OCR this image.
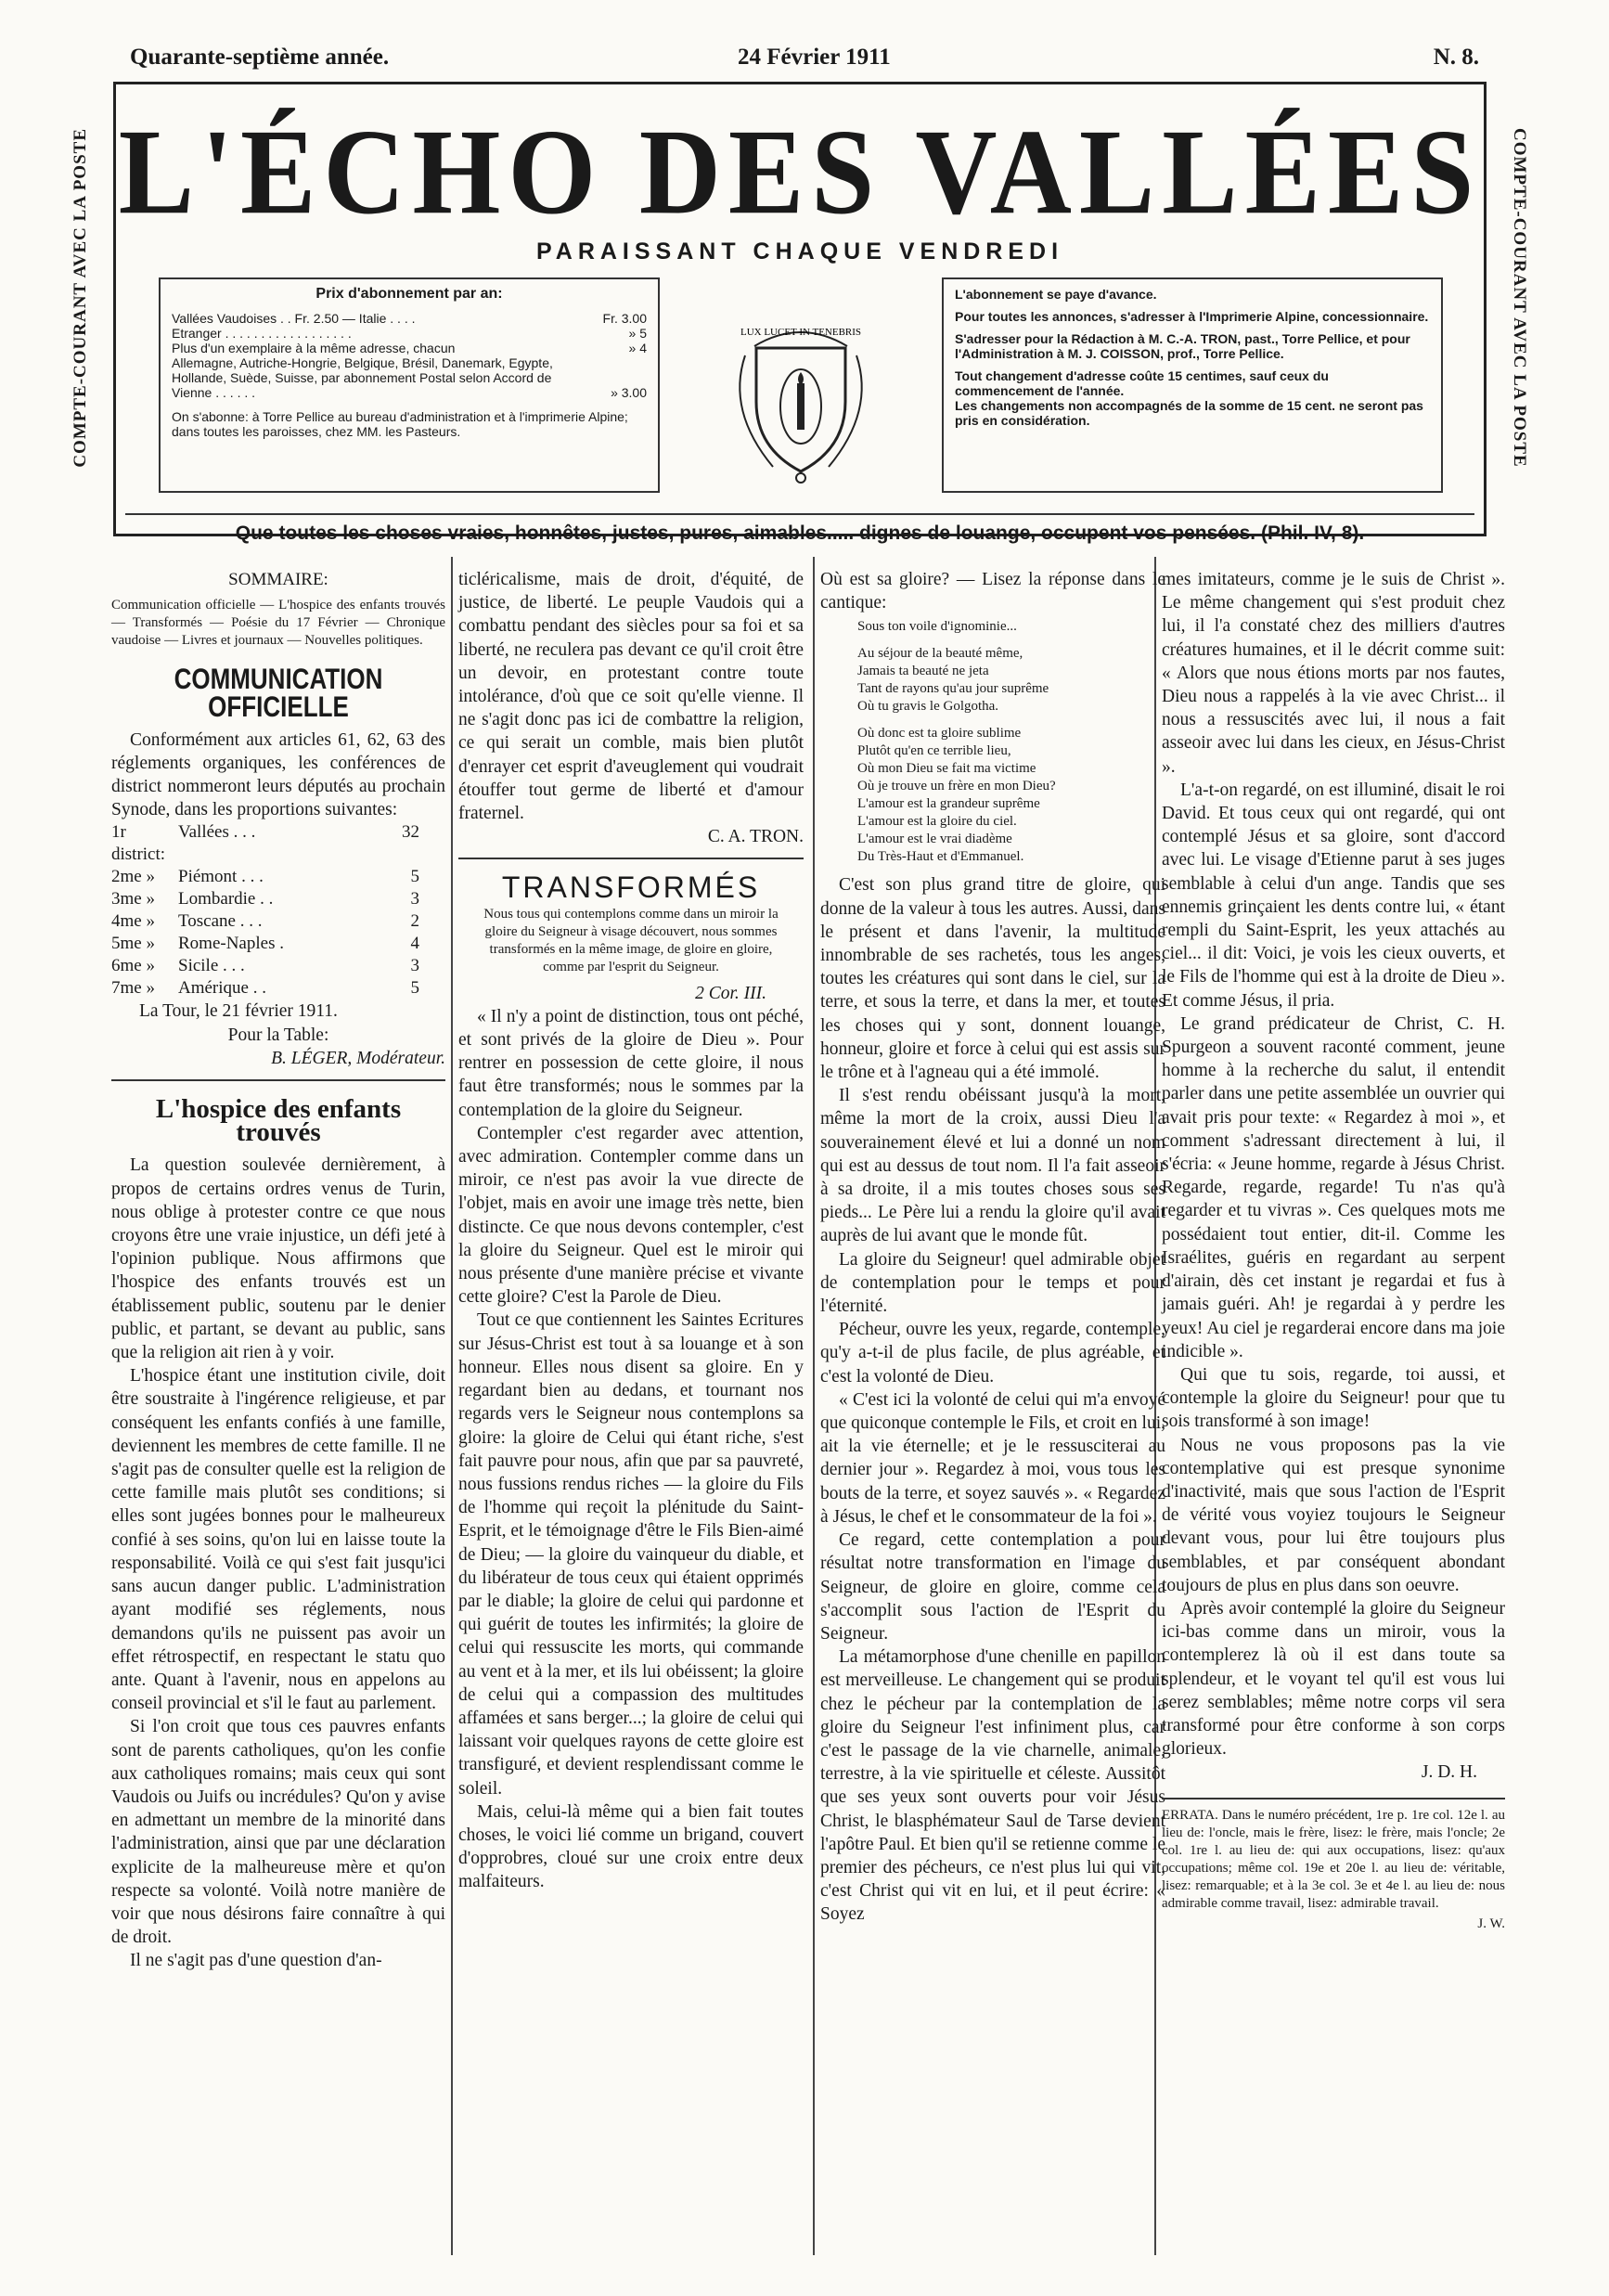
Quarante-septième année.	24 Février 1911	N. 8.
COMPTE-COURANT AVEC LA POSTE	COMPTE-COURANT AVEC LA POSTE
L'ÉCHO DES VALLÉES
PARAISSANT CHAQUE VENDREDI
Prix d'abonnement par an:
Vallées Vaudoises . . Fr. 2.50 — Italie . . . .	Fr. 3.00
Etranger . . . . . . . . . . . . . . . . . .	» 5
Plus d'un exemplaire à la même adresse, chacun	» 4
Allemagne, Autriche-Hongrie, Belgique, Brésil, Danemark, Egypte, Hollande, Suède, Suisse, par abonnement Postal selon Accord de Vienne . . . . . .	» 3.00
On s'abonne: à Torre Pellice au bureau d'administration et à l'imprimerie Alpine; dans toutes les paroisses, chez MM. les Pasteurs.
LUX LUCET IN TENEBRIS
L'abonnement se paye d'avance.
Pour toutes les annonces, s'adresser à l'Imprimerie Alpine, concessionnaire.
S'adresser pour la Rédaction à M. C.-A. TRON, past., Torre Pellice, et pour l'Administration à M. J. COISSON, prof., Torre Pellice.
Tout changement d'adresse coûte 15 centimes, sauf ceux du commencement de l'année.
Les changements non accompagnés de la somme de 15 cent. ne seront pas pris en considération.
Que toutes les choses vraies, honnêtes, justes, pures, aimables..... dignes de louange, occupent vos pensées. (Phil. IV, 8).
SOMMAIRE:
Communication officielle — L'hospice des enfants trouvés — Transformés — Poésie du 17 Février — Chronique vaudoise — Livres et journaux — Nouvelles politiques.
COMMUNICATION OFFICIELLE

Conformément aux articles 61, 62, 63 des réglements organiques, les conférences de district nommeront leurs députés au prochain Synode, dans les proportions suivantes:

1r district:
Vallées . . .	32
2me »	Piémont . . .	5
3me »	Lombardie . .	3
4me »	Toscane . . .	2
5me »	Rome-Naples .	4
6me »	Sicile . . .	3
7me »	Amérique . .	5
La Tour, le 21 février 1911.
Pour la Table:
B. LÉGER, Modérateur.
L'hospice des enfants trouvés

La question soulevée dernièrement, à propos de certains ordres venus de Turin, nous oblige à protester contre ce que nous croyons être une vraie injustice, un défi jeté à l'opinion publique. Nous affirmons que l'hospice des enfants trouvés est un établissement public, soutenu par le denier public, et partant, se devant au public, sans que la religion ait rien à y voir.

L'hospice étant une institution civile, doit être soustraite à l'ingérence religieuse, et par conséquent les enfants confiés à une famille, deviennent les membres de cette famille. Il ne s'agit pas de consulter quelle est la religion de cette famille mais plutôt ses conditions; si elles sont jugées bonnes pour le malheureux confié à ses soins, qu'on lui en laisse toute la responsabilité. Voilà ce qui s'est fait jusqu'ici sans aucun danger public. L'administration ayant modifié ses réglements, nous demandons qu'ils ne puissent pas avoir un effet rétrospectif, en respectant le statu quo ante. Quant à l'avenir, nous en appelons au conseil provincial et s'il le faut au parlement.

Si l'on croit que tous ces pauvres enfants sont de parents catholiques, qu'on les confie aux catholiques romains; mais ceux qui sont Vaudois ou Juifs ou incrédules? Qu'on y avise en admettant un membre de la minorité dans l'administration, ainsi que par une déclaration explicite de la malheureuse mère et qu'on respecte sa volonté. Voilà notre manière de voir que nous désirons faire connaître à qui de droit.

Il ne s'agit pas d'une question d'an-

ticléricalisme, mais de droit, d'équité, de justice, de liberté. Le peuple Vaudois qui a combattu pendant des siècles pour sa foi et sa liberté, ne reculera pas devant ce qu'il croit être un devoir, en protestant contre toute intolérance, d'où que ce soit qu'elle vienne. Il ne s'agit donc pas ici de combattre la religion, ce qui serait un comble, mais bien plutôt d'enrayer cet esprit d'aveuglement qui voudrait étouffer tout germe de liberté et d'amour fraternel.

C. A. TRON.
TRANSFORMÉS
Nous tous qui contemplons comme dans un miroir la gloire du Seigneur à visage découvert, nous sommes transformés en la même image, de gloire en gloire, comme par l'esprit du Seigneur.
2 Cor. III.

« Il n'y a point de distinction, tous ont péché, et sont privés de la gloire de Dieu ». Pour rentrer en possession de cette gloire, il nous faut être transformés; nous le sommes par la contemplation de la gloire du Seigneur.

Contempler c'est regarder avec attention, avec admiration. Contempler comme dans un miroir, ce n'est pas avoir la vue directe de l'objet, mais en avoir une image très nette, bien distincte. Ce que nous devons contempler, c'est la gloire du Seigneur. Quel est le miroir qui nous présente d'une manière précise et vivante cette gloire? C'est la Parole de Dieu.

Tout ce que contiennent les Saintes Ecritures sur Jésus-Christ est tout à sa louange et à son honneur. Elles nous disent sa gloire. En y regardant bien au dedans, et tournant nos regards vers le Seigneur nous contemplons sa gloire: la gloire de Celui qui étant riche, s'est fait pauvre pour nous, afin que par sa pauvreté, nous fussions rendus riches — la gloire du Fils de l'homme qui reçoit la plénitude du Saint-Esprit, et le témoignage d'être le Fils Bien-aimé de Dieu; — la gloire du vainqueur du diable, et du libérateur de tous ceux qui étaient opprimés par le diable; la gloire de celui qui pardonne et qui guérit de toutes les infirmités; la gloire de celui qui ressuscite les morts, qui commande au vent et à la mer, et ils lui obéissent; la gloire de celui qui a compassion des multitudes affamées et sans berger...; la gloire de celui qui laissant voir quelques rayons de cette gloire est transfiguré, et devient resplendissant comme le soleil.

Mais, celui-là même qui a bien fait toutes choses, le voici lié comme un brigand, couvert d'opprobres, cloué sur une croix entre deux malfaiteurs.

Où est sa gloire? — Lisez la réponse dans le cantique:

Sous ton voile d'ignominie...
Au séjour de la beauté même,
Jamais ta beauté ne jeta
Tant de rayons qu'au jour suprême
Où tu gravis le Golgotha.
Où donc est ta gloire sublime
Plutôt qu'en ce terrible lieu,
Où mon Dieu se fait ma victime
Où je trouve un frère en mon Dieu?
L'amour est la grandeur suprême
L'amour est la gloire du ciel.
L'amour est le vrai diadème
Du Très-Haut et d'Emmanuel.

C'est son plus grand titre de gloire, qui donne de la valeur à tous les autres. Aussi, dans le présent et dans l'avenir, la multitude innombrable de ses rachetés, tous les anges, toutes les créatures qui sont dans le ciel, sur la terre, et sous la terre, et dans la mer, et toutes les choses qui y sont, donnent louange, honneur, gloire et force à celui qui est assis sur le trône et à l'agneau qui a été immolé.

Il s'est rendu obéissant jusqu'à la mort, même la mort de la croix, aussi Dieu l'a souverainement élevé et lui a donné un nom qui est au dessus de tout nom. Il l'a fait asseoir à sa droite, il a mis toutes choses sous ses pieds... Le Père lui a rendu la gloire qu'il avait auprès de lui avant que le monde fût.

La gloire du Seigneur! quel admirable objet de contemplation pour le temps et pour l'éternité.

Pécheur, ouvre les yeux, regarde, contemple, qu'y a-t-il de plus facile, de plus agréable, et c'est la volonté de Dieu.

« C'est ici la volonté de celui qui m'a envoyé que quiconque contemple le Fils, et croit en lui, ait la vie éternelle; et je le ressusciterai au dernier jour ». Regardez à moi, vous tous les bouts de la terre, et soyez sauvés ». « Regardez à Jésus, le chef et le consommateur de la foi ».

Ce regard, cette contemplation a pour résultat notre transformation en l'image du Seigneur, de gloire en gloire, comme cela s'accomplit sous l'action de l'Esprit du Seigneur.

La métamorphose d'une chenille en papillon est merveilleuse. Le changement qui se produit chez le pécheur par la contemplation de la gloire du Seigneur l'est infiniment plus, car c'est le passage de la vie charnelle, animale, terrestre, à la vie spirituelle et céleste. Aussitôt que ses yeux sont ouverts pour voir Jésus Christ, le blasphémateur Saul de Tarse devient l'apôtre Paul. Et bien qu'il se retienne comme le premier des pécheurs, ce n'est plus lui qui vit, c'est Christ qui vit en lui, et il peut écrire: « Soyez

mes imitateurs, comme je le suis de Christ ». Le même changement qui s'est produit chez lui, il l'a constaté chez des milliers d'autres créatures humaines, et il le décrit comme suit: « Alors que nous étions morts par nos fautes, Dieu nous a rappelés à la vie avec Christ... il nous a ressuscités avec lui, il nous a fait asseoir avec lui dans les cieux, en Jésus-Christ ».

L'a-t-on regardé, on est illuminé, disait le roi David. Et tous ceux qui ont regardé, qui ont contemplé Jésus et sa gloire, sont d'accord avec lui. Le visage d'Etienne parut à ses juges semblable à celui d'un ange. Tandis que ses ennemis grinçaient les dents contre lui, « étant rempli du Saint-Esprit, les yeux attachés au ciel... il dit: Voici, je vois les cieux ouverts, et le Fils de l'homme qui est à la droite de Dieu ». Et comme Jésus, il pria.

Le grand prédicateur de Christ, C. H. Spurgeon a souvent raconté comment, jeune homme à la recherche du salut, il entendit parler dans une petite assemblée un ouvrier qui avait pris pour texte: « Regardez à moi », et comment s'adressant directement à lui, il s'écria: « Jeune homme, regarde à Jésus Christ. Regarde, regarde, regarde! Tu n'as qu'à regarder et tu vivras ». Ces quelques mots me possédaient tout entier, dit-il. Comme les Israélites, guéris en regardant au serpent d'airain, dès cet instant je regardai et fus à jamais guéri. Ah! je regardai à y perdre les yeux! Au ciel je regarderai encore dans ma joie indicible ».

Qui que tu sois, regarde, toi aussi, et contemple la gloire du Seigneur! pour que tu sois transformé à son image!

Nous ne vous proposons pas la vie contemplative qui est presque synonime d'inactivité, mais que sous l'action de l'Esprit de vérité vous voyiez toujours le Seigneur devant vous, pour lui être toujours plus semblables, et par conséquent abondant toujours de plus en plus dans son oeuvre.

Après avoir contemplé la gloire du Seigneur ici-bas comme dans un miroir, vous la contemplerez là où il est dans toute sa splendeur, et le voyant tel qu'il est vous lui serez semblables; même notre corps vil sera transformé pour être conforme à son corps glorieux.

J. D. H.
ERRATA. Dans le numéro précédent, 1re p. 1re col. 12e l. au lieu de: l'oncle, mais le frère, lisez: le frère, mais l'oncle; 2e col. 1re l. au lieu de: qui aux occupations, lisez: qu'aux occupations; même col. 19e et 20e l. au lieu de: véritable, lisez: remarquable; et à la 3e col. 3e et 4e l. au lieu de: nous admirable comme travail, lisez: admirable travail.
J. W.
